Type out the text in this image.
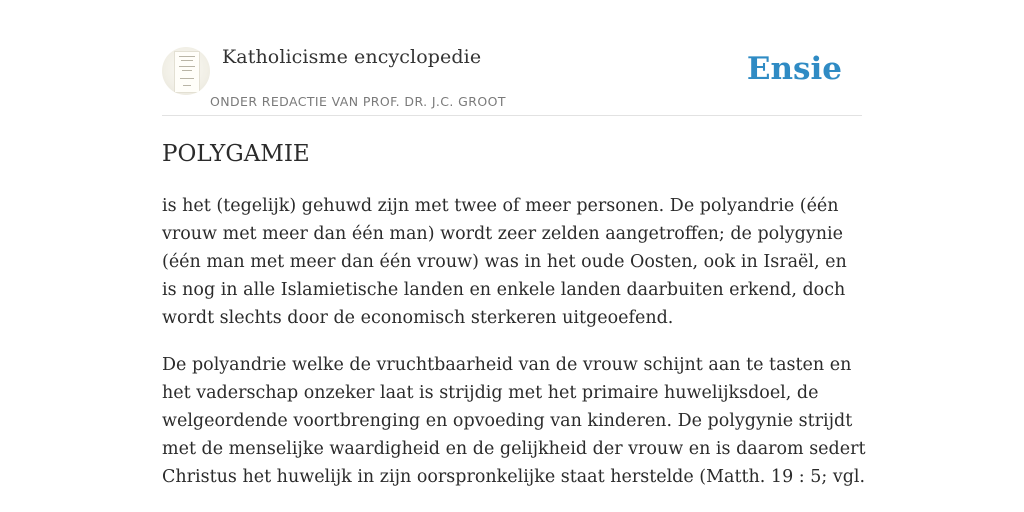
Katholicisme encyclopedie
ONDER REDACTIE VAN PROF. DR. J.C. GROOT
Ensie
POLYGAMIE

is het (tegelijk) gehuwd zijn met twee of meer personen. De polyandrie (één vrouw met meer dan één man) wordt zeer zelden aangetroffen; de polygynie (één man met meer dan één vrouw) was in het oude Oosten, ook in Israël, en is nog in alle Islamietische landen en enkele landen daarbuiten erkend, doch wordt slechts door de economisch sterkeren uitgeoefend.

De polyandrie welke de vruchtbaarheid van de vrouw schijnt aan te tasten en het vaderschap onzeker laat is strijdig met het primaire huwelijksdoel, de welgeordende voortbrenging en opvoeding van kinderen. De polygynie strijdt met de menselijke waardigheid en de gelijkheid der vrouw en is daarom sedert Christus het huwelijk in zijn oorspronkelijke staat herstelde (Matth. 19 : 5; vgl.
